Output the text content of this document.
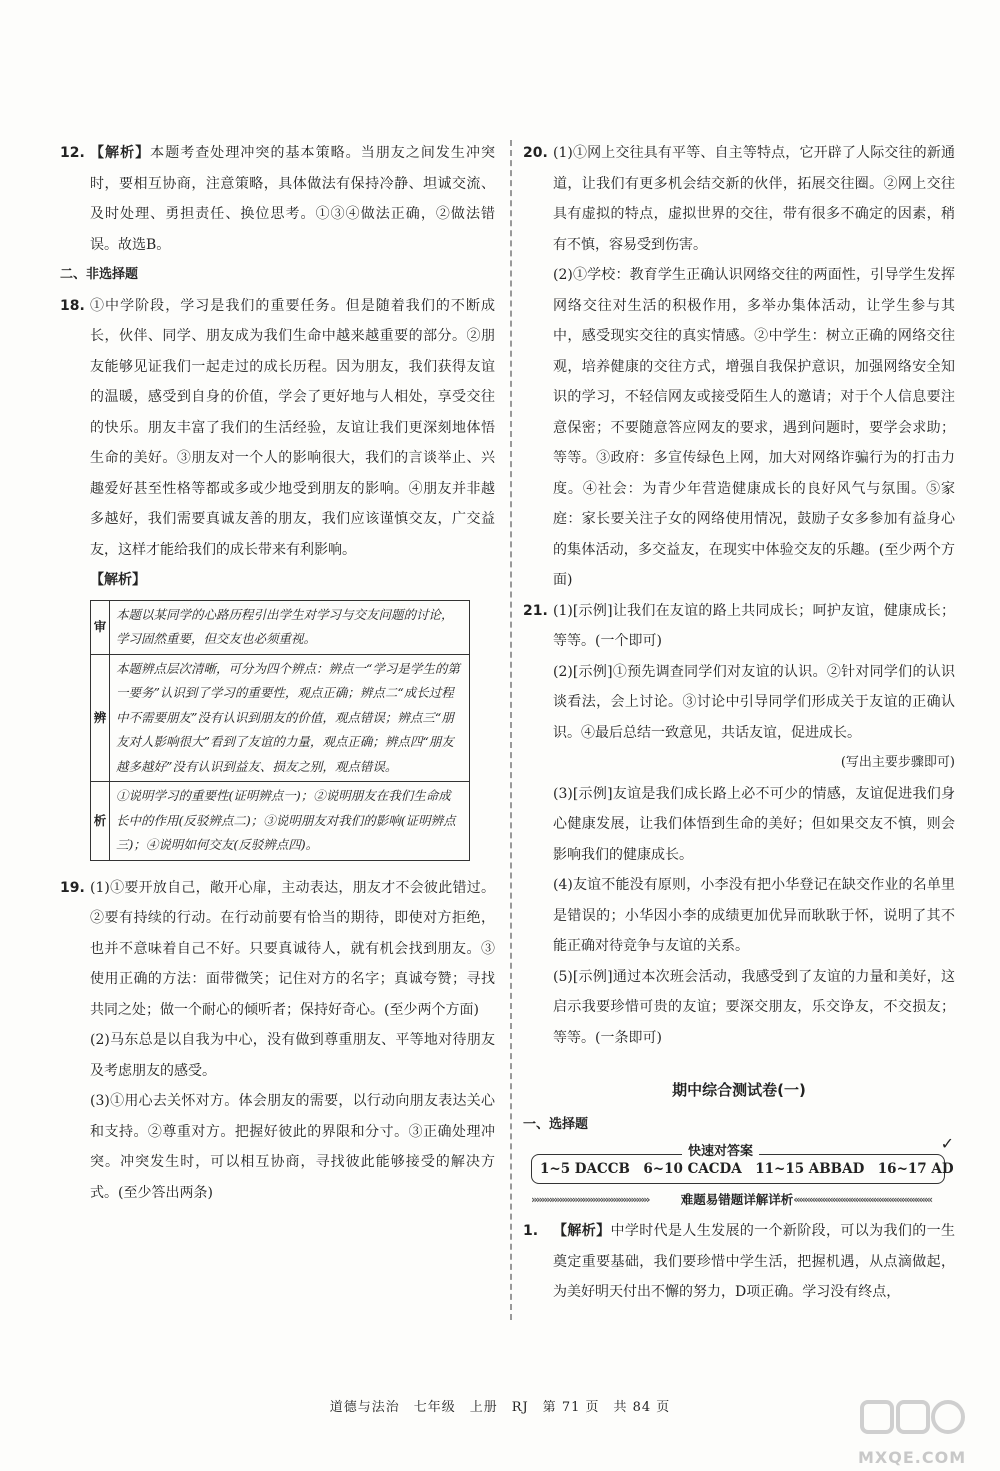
12. 【解析】本题考查处理冲突的基本策略。当朋友之间发生冲突时，要相互协商，注意策略，具体做法有保持冷静、坦诚交流、及时处理、勇担责任、换位思考。①③④做法正确，②做法错误。故选B。

二、非选择题

18. ①中学阶段，学习是我们的重要任务。但是随着我们的不断成长，伙伴、同学、朋友成为我们生命中越来越重要的部分。②朋友能够见证我们一起走过的成长历程。因为朋友，我们获得友谊的温暖，感受到自身的价值，学会了更好地与人相处，享受交往的快乐。朋友丰富了我们的生活经验，友谊让我们更深刻地体悟生命的美好。③朋友对一个人的影响很大，我们的言谈举止、兴趣爱好甚至性格等都或多或少地受到朋友的影响。④朋友并非越多越好，我们需要真诚友善的朋友，我们应该谨慎交友，广交益友，这样才能给我们的成长带来有利影响。

【解析】

审	本题以某同学的心路历程引出学生对学习与交友问题的讨论，学习固然重要，但交友也必须重视。
辨	本题辨点层次清晰，可分为四个辨点：辨点一“学习是学生的第一要务”认识到了学习的重要性，观点正确；辨点二“成长过程中不需要朋友”没有认识到朋友的价值，观点错误；辨点三“朋友对人影响很大”看到了友谊的力量，观点正确；辨点四“朋友越多越好”没有认识到益友、损友之别，观点错误。
析	①说明学习的重要性(证明辨点一)；②说明朋友在我们生命成长中的作用(反驳辨点二)；③说明朋友对我们的影响(证明辨点三)；④说明如何交友(反驳辨点四)。
19. (1)①要开放自己，敞开心扉，主动表达，朋友才不会彼此错过。②要有持续的行动。在行动前要有恰当的期待，即使对方拒绝，也并不意味着自己不好。只要真诚待人，就有机会找到朋友。③使用正确的方法：面带微笑；记住对方的名字；真诚夸赞；寻找共同之处；做一个耐心的倾听者；保持好奇心。(至少两个方面)

(2)马东总是以自我为中心，没有做到尊重朋友、平等地对待朋友及考虑朋友的感受。

(3)①用心去关怀对方。体会朋友的需要，以行动向朋友表达关心和支持。②尊重对方。把握好彼此的界限和分寸。③正确处理冲突。冲突发生时，可以相互协商，寻找彼此能够接受的解决方式。(至少答出两条)

20. (1)①网上交往具有平等、自主等特点，它开辟了人际交往的新通道，让我们有更多机会结交新的伙伴，拓展交往圈。②网上交往具有虚拟的特点，虚拟世界的交往，带有很多不确定的因素，稍有不慎，容易受到伤害。

(2)①学校：教育学生正确认识网络交往的两面性，引导学生发挥网络交往对生活的积极作用，多举办集体活动，让学生参与其中，感受现实交往的真实情感。②中学生：树立正确的网络交往观，培养健康的交往方式，增强自我保护意识，加强网络安全知识的学习，不轻信网友或接受陌生人的邀请；对于个人信息要注意保密；不要随意答应网友的要求，遇到问题时，要学会求助；等等。③政府：多宣传绿色上网，加大对网络诈骗行为的打击力度。④社会：为青少年营造健康成长的良好风气与氛围。⑤家庭：家长要关注子女的网络使用情况，鼓励子女多参加有益身心的集体活动，多交益友，在现实中体验交友的乐趣。(至少两个方面)

21. (1)[示例]让我们在友谊的路上共同成长；呵护友谊，健康成长；等等。(一个即可)

(2)[示例]①预先调查同学们对友谊的认识。②针对同学们的认识谈看法，会上讨论。③讨论中引导同学们形成关于友谊的正确认识。④最后总结一致意见，共话友谊，促进成长。

(写出主要步骤即可)

(3)[示例]友谊是我们成长路上必不可少的情感，友谊促进我们身心健康发展，让我们体悟到生命的美好；但如果交友不慎，则会影响我们的健康成长。

(4)友谊不能没有原则，小李没有把小华登记在缺交作业的名单里是错误的；小华因小李的成绩更加优异而耿耿于怀，说明了其不能正确对待竞争与友谊的关系。

(5)[示例]通过本次班会活动，我感受到了友谊的力量和美好，这启示我要珍惜可贵的友谊；要深交朋友，乐交诤友，不交损友；等等。(一条即可)

期中综合测试卷(一)

一、选择题

快速对答案	✓
1~5 DACCB　6~10 CACDA　11~15 ABBAD　16~17 AD
»»»»»»»»»»»»»»»»»»»»»»»	难题易错题详解详析 «««««««««««««««««««««««««««
1.	【解析】中学时代是人生发展的一个新阶段，可以为我们的一生奠定重要基础，我们要珍惜中学生活，把握机遇，从点滴做起，为美好明天付出不懈的努力，D项正确。学习没有终点，

道德与法治　七年级　上册　RJ　第 71 页　共 84 页
MXQE.COM
